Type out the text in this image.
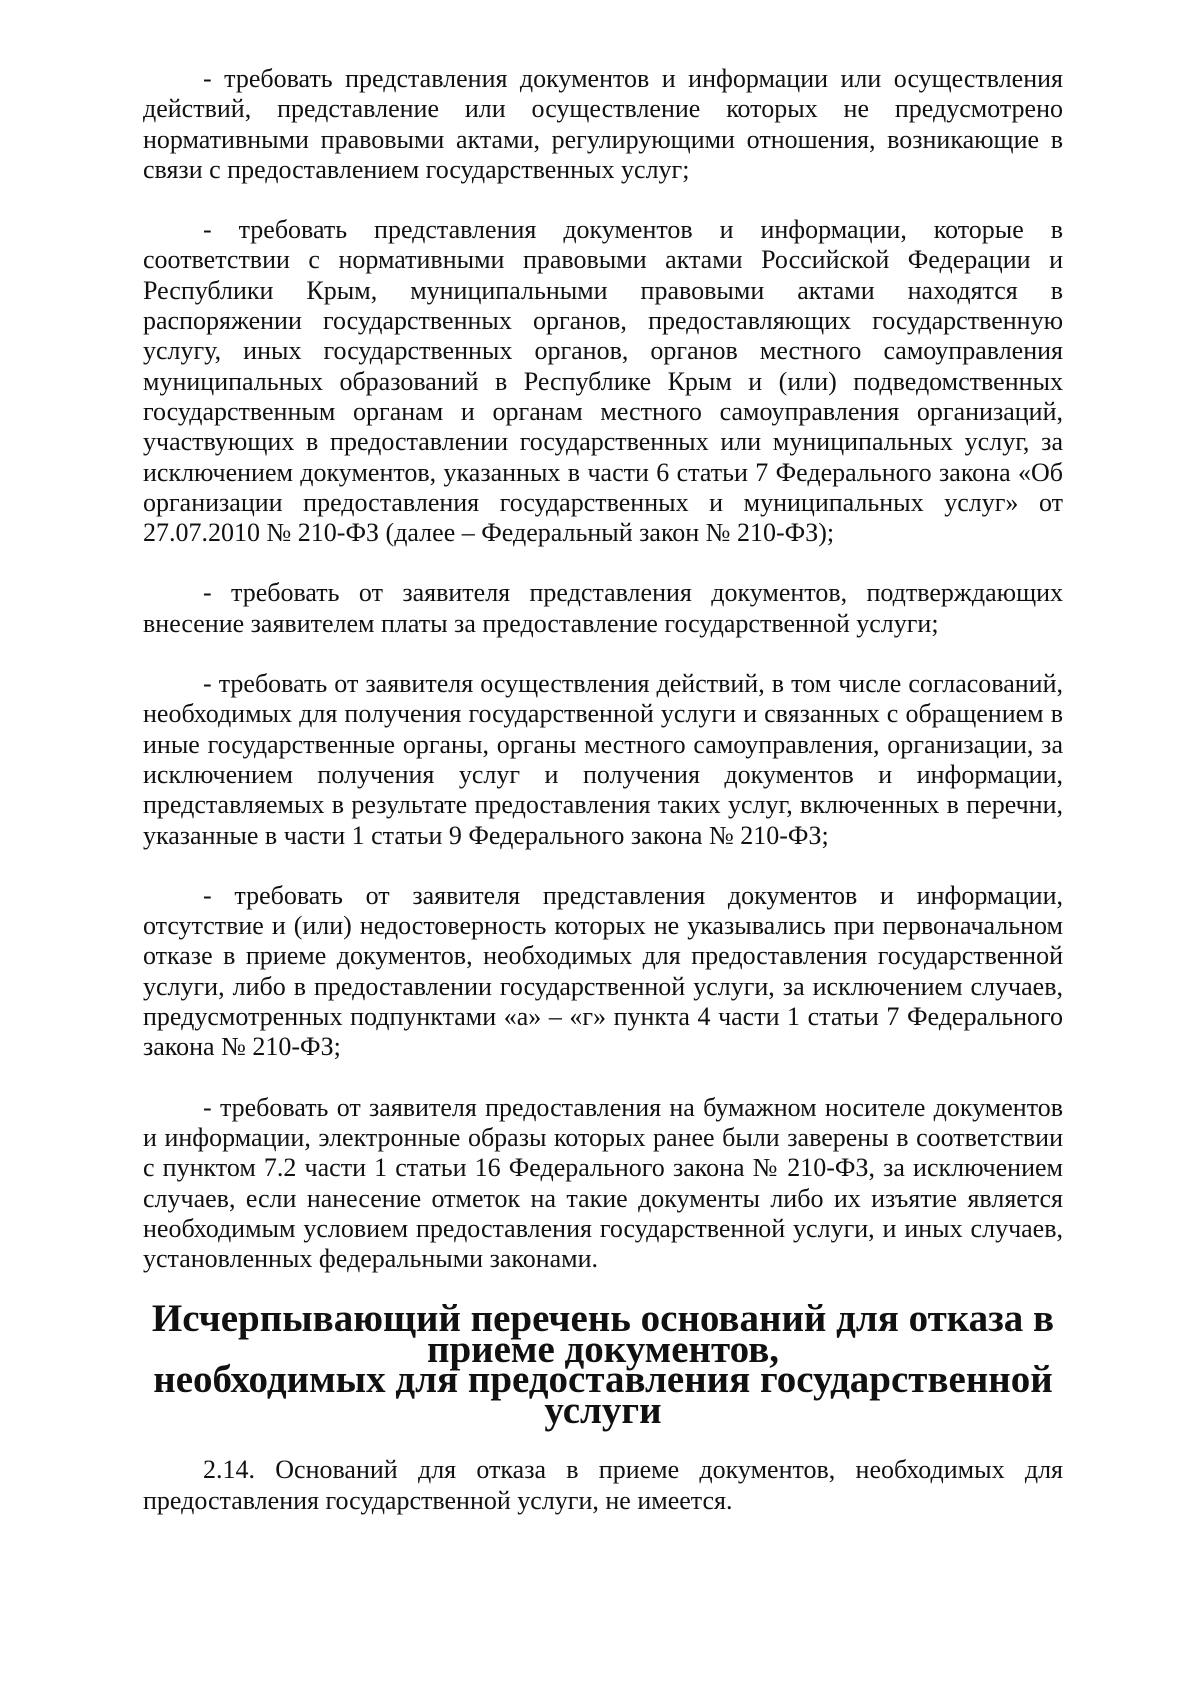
- требовать представления документов и информации или осуществления действий, представление или осуществление которых не предусмотрено нормативными правовыми актами, регулирующими отношения, возникающие в связи с предоставлением государственных услуг;

- требовать представления документов и информации, которые в соответствии с нормативными правовыми актами Российской Федерации и Республики Крым, муниципальными правовыми актами находятся в распоряжении государственных органов, предоставляющих государственную услугу, иных государственных органов, органов местного самоуправления муниципальных образований в Республике Крым и (или) подведомственных государственным органам и органам местного самоуправления организаций, участвующих в предоставлении государственных или муниципальных услуг, за исключением документов, указанных в части 6 статьи 7 Федерального закона «Об организации предоставления государственных и муниципальных услуг» от 27.07.2010 № 210-ФЗ (далее – Федеральный закон № 210-ФЗ);

- требовать от заявителя представления документов, подтверждающих внесение заявителем платы за предоставление государственной услуги;

- требовать от заявителя осуществления действий, в том числе согласований, необходимых для получения государственной услуги и связанных с обращением в иные государственные органы, органы местного самоуправления, организации, за исключением получения услуг и получения документов и информации, представляемых в результате предоставления таких услуг, включенных в перечни, указанные в части 1 статьи 9 Федерального закона № 210-ФЗ;

- требовать от заявителя представления документов и информации, отсутствие и (или) недостоверность которых не указывались при первоначальном отказе в приеме документов, необходимых для предоставления государственной услуги, либо в предоставлении государственной услуги, за исключением случаев, предусмотренных подпунктами «а» – «г» пункта 4 части 1 статьи 7 Федерального закона № 210-ФЗ;

- требовать от заявителя предоставления на бумажном носителе документов и информации, электронные образы которых ранее были заверены в соответствии с пунктом 7.2 части 1 статьи 16 Федерального закона № 210-ФЗ, за исключением случаев, если нанесение отметок на такие документы либо их изъятие является необходимым условием предоставления государственной услуги, и иных случаев, установленных федеральными законами.

Исчерпывающий перечень оснований для отказа в приеме документов,
необходимых для предоставления государственной услуги

2.14. Оснований для отказа в приеме документов, необходимых для предоставления государственной услуги, не имеется.
